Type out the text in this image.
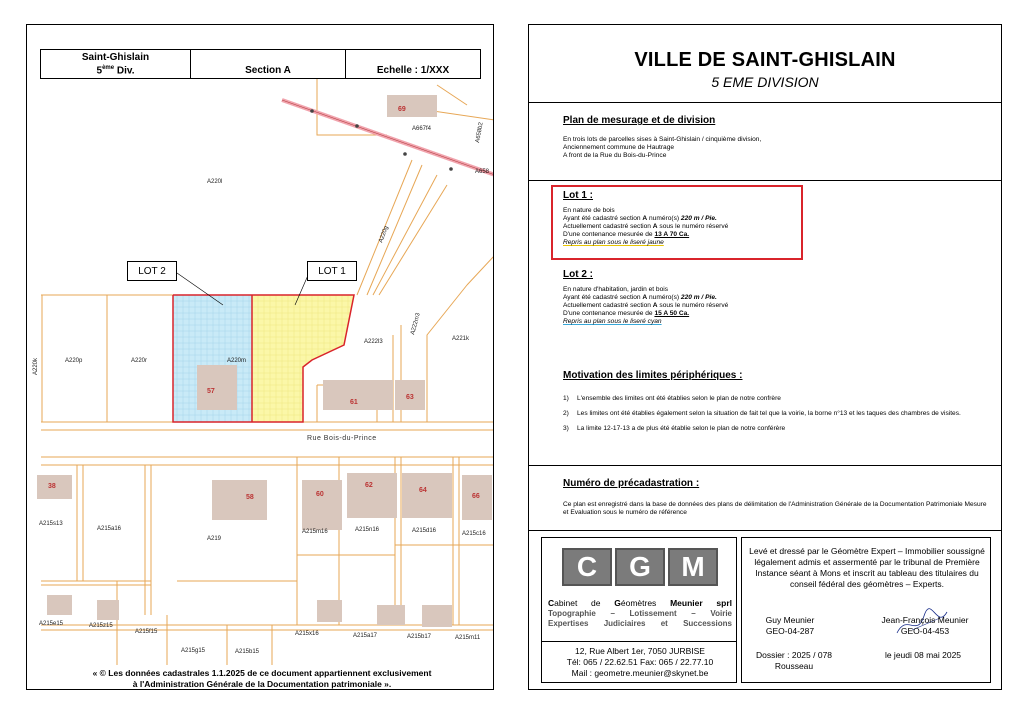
A667f4	A658b2
A658
A220l
A220g
A220p	A220r	A220m
A222l3
A222m3
A221k
A220k
A215s13
A215a16
A219
A215m16	A215n16	A215d16	A215c16
A215e15	A215z15
A215f15
A215g15	A215b15
A215x16	A215a17	A215b17	A215m11
69
57
61
63
38
58	60
62
64
66
Saint-Ghislain
5ème Div.	Section A	Echelle : 1/XXX
LOT 2	LOT 1
Rue Bois-du-Prince
« © Les données cadastrales 1.1.2025 de ce document appartiennent exclusivement
à l'Administration Générale de la Documentation patrimoniale ».
VILLE DE SAINT-GHISLAIN
5 EME DIVISION
Plan de mesurage et de division
En trois lots de parcelles sises à Saint-Ghislain / cinquième division,
Anciennement commune de Hautrage
A front de la Rue du Bois-du-Prince
Lot 1 :
En nature de bois
Ayant été cadastré section A numéro(s) 220 m / Pie.
Actuellement cadastré section A sous le numéro réservé
D'une contenance mesurée de 13 A 70 Ca.
Repris au plan sous le liseré jaune
Lot 2 :
En nature d'habitation, jardin et bois
Ayant été cadastré section A numéro(s) 220 m / Pie.
Actuellement cadastré section A sous le numéro réservé
D'une contenance mesurée de 15 A 50 Ca.
Repris au plan sous le liseré cyan
Motivation des limites périphériques :
1)	L'ensemble des limites ont été établies selon le plan de notre confrère
2)	Les limites ont été établies également selon la situation de fait tel que la voirie, la borne n°13 et les taques des chambres de visites.
3)	La limite 12-17-13 a de plus été établie selon le plan de notre conférère
Numéro de précadastration :
Ce plan est enregistré dans la base de données des plans de délimitation de l'Administration Générale de la Documentation Patrimoniale Mesure et Evaluation sous le numéro de référence
C	G	M
Cabinet de Géomètres Meunier sprl
Topographie – Lotissement – Voirie
Expertises Judiciaires et Successions
12, Rue Albert 1er, 7050 JURBISE
Tél: 065 / 22.62.51 Fax: 065 / 22.77.10
Mail : geometre.meunier@skynet.be
Levé et dressé par le Géomètre Expert – Immobilier soussigné légalement admis et assermenté par le tribunal de Première Instance séant à Mons et inscrit au tableau des titulaires du conseil fédéral des géomètres – Experts.
Guy Meunier
GEO-04-287
Jean-François Meunier
GEO-04-453
Dossier : 2025 / 078
Rousseau
le jeudi 08 mai 2025
